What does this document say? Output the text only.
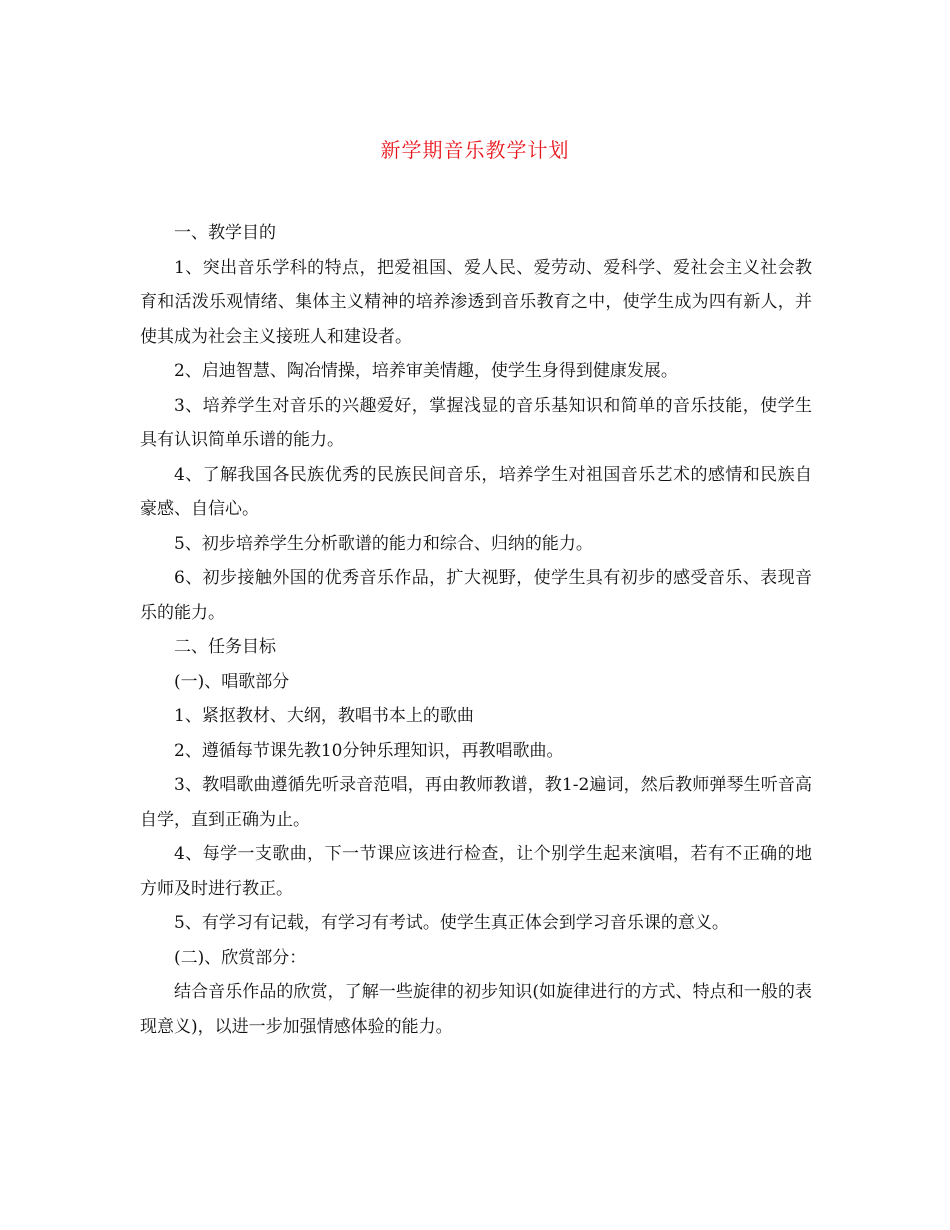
新学期音乐教学计划

一、教学目的

1、突出音乐学科的特点，把爱祖国、爱人民、爱劳动、爱科学、爱社会主义社会教育和活泼乐观情绪、集体主义精神的培养渗透到音乐教育之中，使学生成为四有新人，并使其成为社会主义接班人和建设者。

2、启迪智慧、陶冶情操，培养审美情趣，使学生身得到健康发展。

3、培养学生对音乐的兴趣爱好，掌握浅显的音乐基知识和简单的音乐技能，使学生具有认识简单乐谱的能力。

4、了解我国各民族优秀的民族民间音乐，培养学生对祖国音乐艺术的感情和民族自豪感、自信心。

5、初步培养学生分析歌谱的能力和综合、归纳的能力。

6、初步接触外国的优秀音乐作品，扩大视野，使学生具有初步的感受音乐、表现音乐的能力。

二、任务目标

(一)、唱歌部分

1、紧抠教材、大纲，教唱书本上的歌曲

2、遵循每节课先教10分钟乐理知识，再教唱歌曲。

3、教唱歌曲遵循先听录音范唱，再由教师教谱，教1-2遍词，然后教师弹琴生听音高自学，直到正确为止。

4、每学一支歌曲，下一节课应该进行检查，让个别学生起来演唱，若有不正确的地方师及时进行教正。

5、有学习有记载，有学习有考试。使学生真正体会到学习音乐课的意义。

(二)、欣赏部分：

结合音乐作品的欣赏，了解一些旋律的初步知识(如旋律进行的方式、特点和一般的表现意义)，以进一步加强情感体验的能力。
